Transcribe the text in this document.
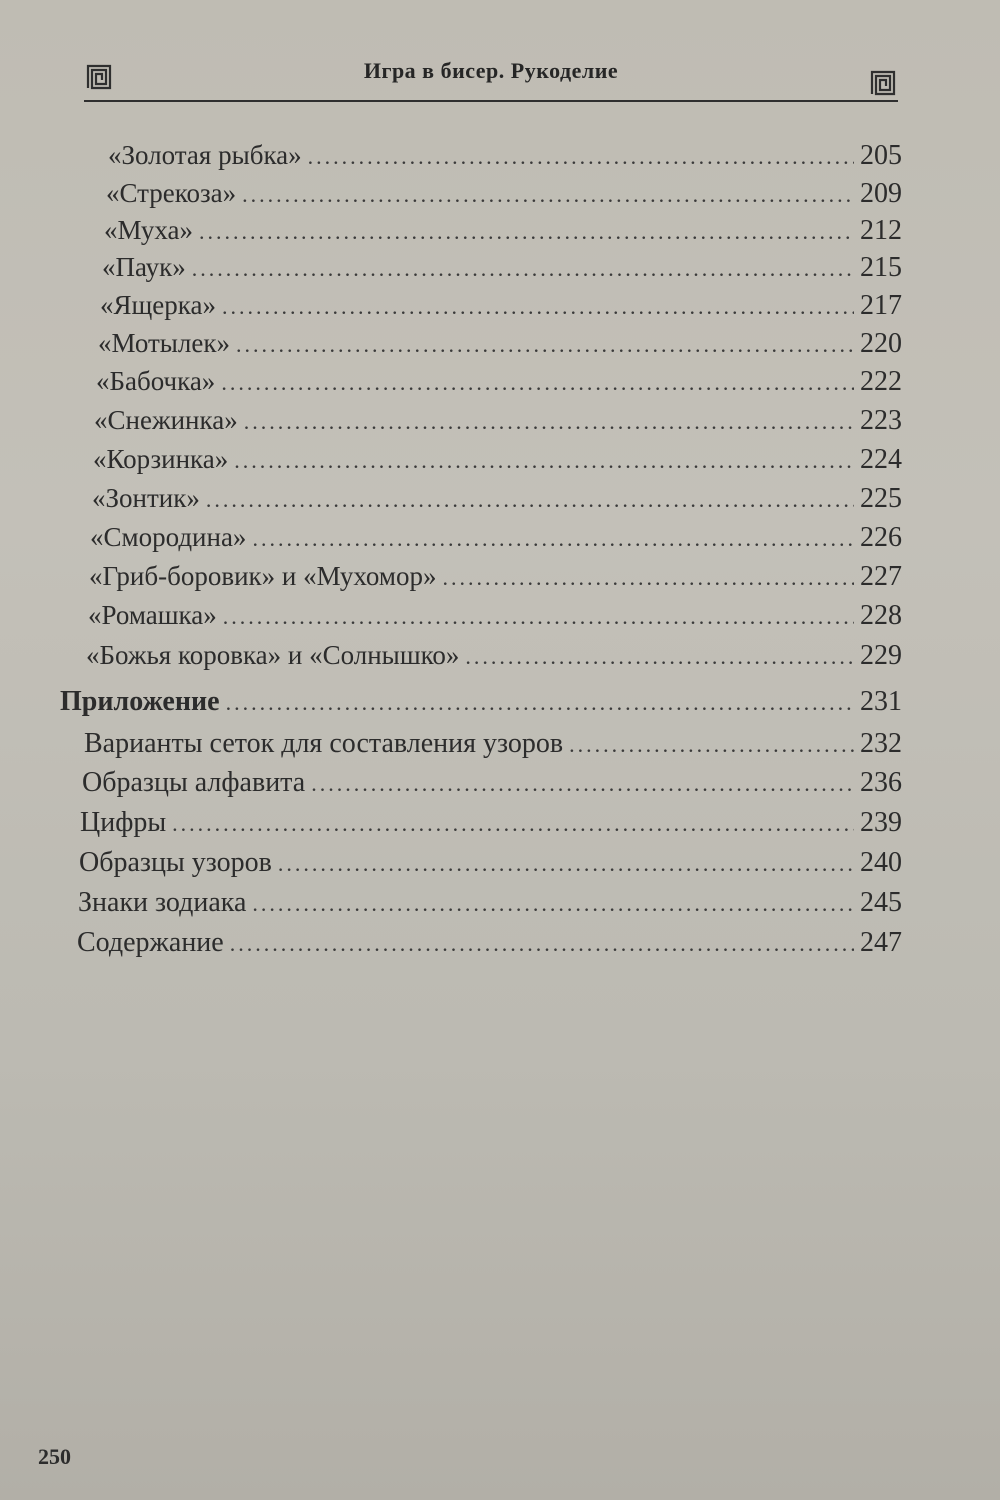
Игра в бисер. Рукоделие
«Золотая рыбка» .....	205
«Стрекоза» .....	209
«Муха» .....	212
«Паук» .....	215
«Ящерка» .....	217
«Мотылек» .....	220
«Бабочка» .....	222
«Снежинка» .....	223
«Корзинка» .....	224
«Зонтик» .....	225
«Смородина» .....	226
«Гриб-боровик» и «Мухомор» .....	227
«Ромашка» .....	228
«Божья коровка» и «Солнышко» .....	229
Приложение .....	231
Варианты сеток для составления узоров .....	232
Образцы алфавита .....	236
Цифры .....	239
Образцы узоров .....	240
Знаки зодиака .....	245
Содержание .....	247
250
